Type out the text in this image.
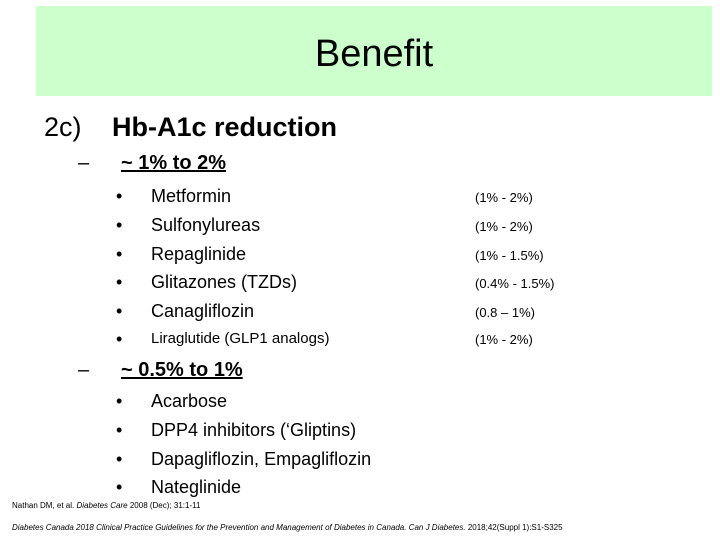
Benefit
2c) Hb-A1c reduction
– ~ 1% to 2%
• Metformin	(1% - 2%)
• Sulfonylureas	(1% - 2%)
• Repaglinide	(1% - 1.5%)
• Glitazones (TZDs)	(0.4% - 1.5%)
• Canagliflozin	(0.8 – 1%)
• Liraglutide (GLP1 analogs)	(1% - 2%)
– ~ 0.5% to 1%
• Acarbose
• DPP4 inhibitors (‘Gliptins)
• Dapagliflozin, Empagliflozin
• Nateglinide
Nathan DM, et al. Diabetes Care 2008 (Dec); 31:1-11
Diabetes Canada 2018 Clinical Practice Guidelines for the Prevention and Management of Diabetes in Canada. Can J Diabetes. 2018;42(Suppl 1):S1-S325
